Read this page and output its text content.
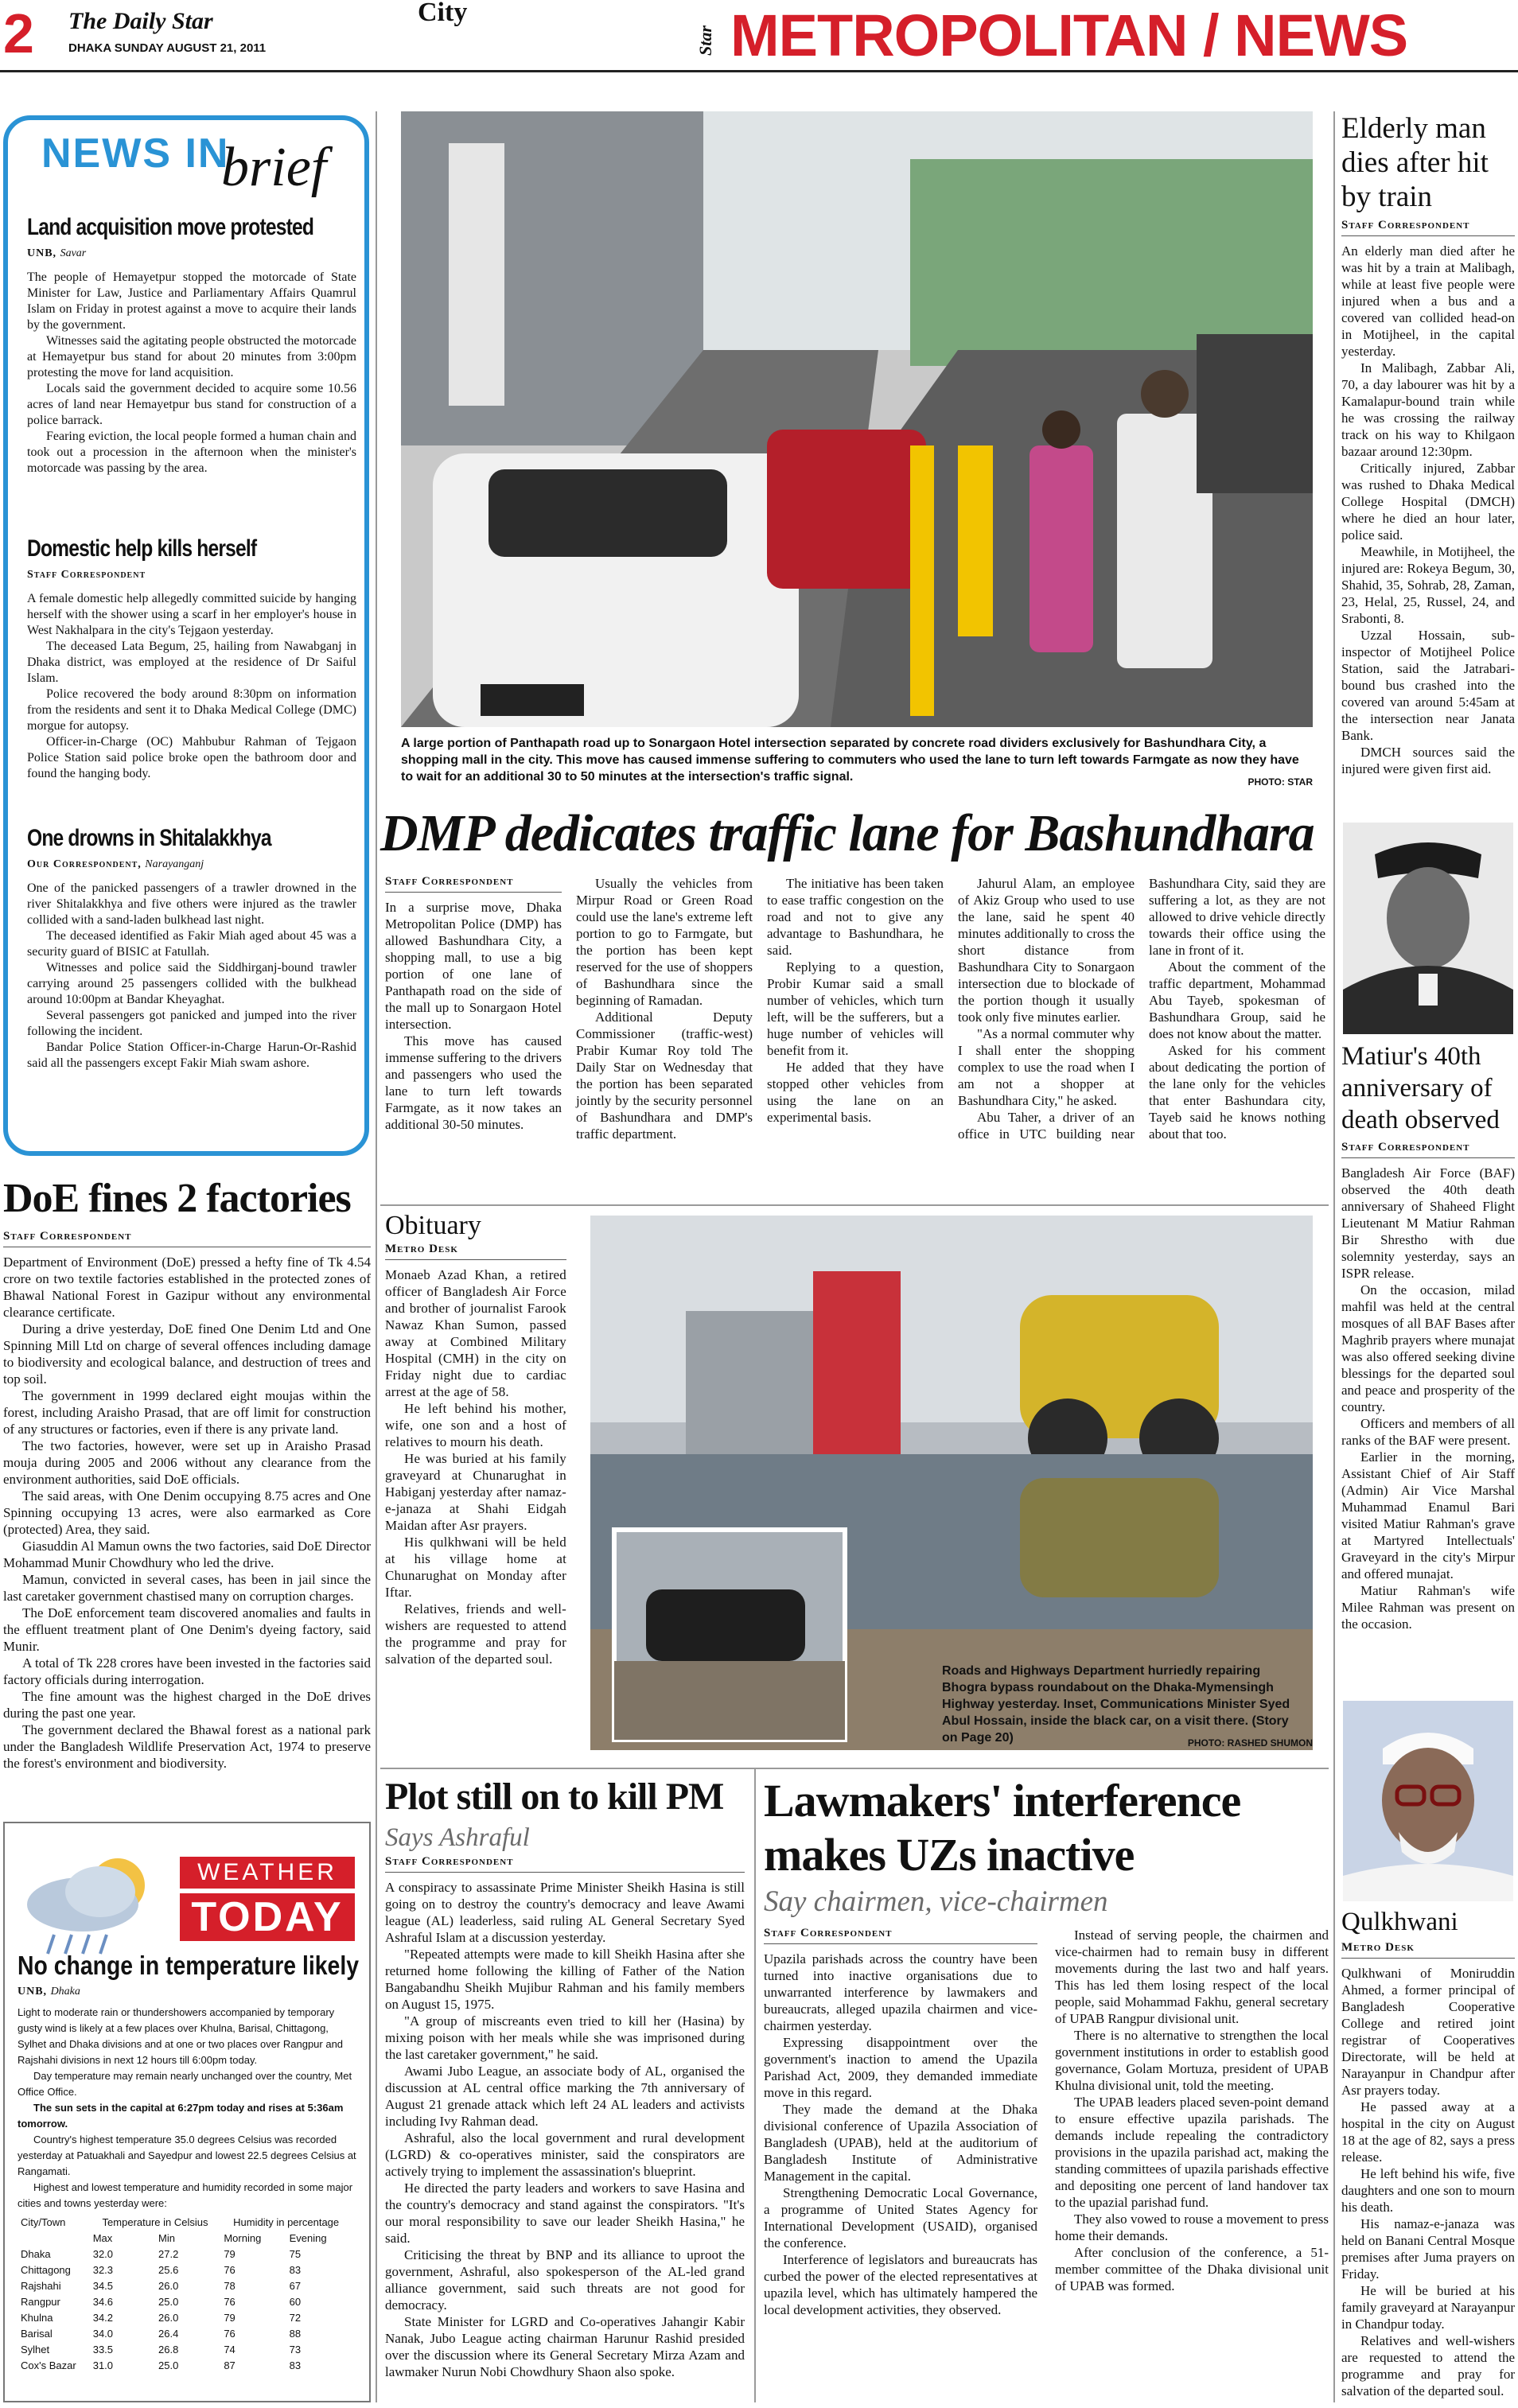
2 The Daily Star
DHAKA SUNDAY AUGUST 21, 2011
City
Star METROPOLITAN / NEWS
NEWS IN
brief
Land acquisition move protested
UNB, Savar

The people of Hemayetpur stopped the motorcade of State Minister for Law, Justice and Parliamentary Affairs Quamrul Islam on Friday in protest against a move to acquire their lands by the government.

Witnesses said the agitating people obstructed the motorcade at Hemayetpur bus stand for about 20 minutes from 3:00pm protesting the move for land acquisition.

Locals said the government decided to acquire some 10.56 acres of land near Hemayetpur bus stand for construction of a police barrack.

Fearing eviction, the local people formed a human chain and took out a procession in the afternoon when the minister's motorcade was passing by the area.

Domestic help kills herself
Staff Correspondent

A female domestic help allegedly committed suicide by hanging herself with the shower using a scarf in her employer's house in West Nakhalpara in the city's Tejgaon yesterday.

The deceased Lata Begum, 25, hailing from Nawabganj in Dhaka district, was employed at the residence of Dr Saiful Islam.

Police recovered the body around 8:30pm on information from the residents and sent it to Dhaka Medical College (DMC) morgue for autopsy.

Officer-in-Charge (OC) Mahbubur Rahman of Tejgaon Police Station said police broke open the bathroom door and found the hanging body.

One drowns in Shitalakkhya
Our Correspondent, Narayanganj

One of the panicked passengers of a trawler drowned in the river Shitalakkhya and five others were injured as the trawler collided with a sand-laden bulkhead last night.

The deceased identified as Fakir Miah aged about 45 was a security guard of BISIC at Fatullah.

Witnesses and police said the Siddhirganj-bound trawler carrying around 25 passengers collided with the bulkhead around 10:00pm at Bandar Kheyaghat.

Several passengers got panicked and jumped into the river following the incident.

Bandar Police Station Officer-in-Charge Harun-Or-Rashid said all the passengers except Fakir Miah swam ashore.

DoE fines 2 factories
Staff Correspondent

Department of Environment (DoE) pressed a hefty fine of Tk 4.54 crore on two textile factories established in the protected zones of Bhawal National Forest in Gazipur without any environmental clearance certificate.

During a drive yesterday, DoE fined One Denim Ltd and One Spinning Mill Ltd on charge of several offences including damage to biodiversity and ecological balance, and destruction of trees and top soil.

The government in 1999 declared eight moujas within the forest, including Araisho Prasad, that are off limit for construction of any structures or factories, even if there is any private land.

The two factories, however, were set up in Araisho Prasad mouja during 2005 and 2006 without any clearance from the environment authorities, said DoE officials.

The said areas, with One Denim occupying 8.75 acres and One Spinning occupying 13 acres, were also earmarked as Core (protected) Area, they said.

Giasuddin Al Mamun owns the two factories, said DoE Director Mohammad Munir Chowdhury who led the drive.

Mamun, convicted in several cases, has been in jail since the last caretaker government chastised many on corruption charges.

The DoE enforcement team discovered anomalies and faults in the effluent treatment plant of One Denim's dyeing factory, said Munir.

A total of Tk 228 crores have been invested in the factories said factory officials during interrogation.

The fine amount was the highest charged in the DoE drives during the past one year.

The government declared the Bhawal forest as a national park under the Bangladesh Wildlife Preservation Act, 1974 to preserve the forest's environment and biodiversity.

WEATHER
TODAY
No change in temperature likely
UNB, Dhaka

Light to moderate rain or thundershowers accompanied by temporary gusty wind is likely at a few places over Khulna, Barisal, Chittagong, Sylhet and Dhaka divisions and at one or two places over Rangpur and Rajshahi divisions in next 12 hours till 6:00pm today.

Day temperature may remain nearly unchanged over the country, Met Office Office.

The sun sets in the capital at 6:27pm today and rises at 5:36am tomorrow.

Country's highest temperature 35.0 degrees Celsius was recorded yesterday at Patuakhali and Sayedpur and lowest 22.5 degrees Celsius at Rangamati.

Highest and lowest temperature and humidity recorded in some major cities and towns yesterday were:

City/Town	Temperature in Celsius		Humidity in percentage	
	Max	Min	Morning	Evening
Dhaka	32.0	27.2	79	75
Chittagong	32.3	25.6	76	83
Rajshahi	34.5	26.0	78	67
Rangpur	34.6	25.0	76	60
Khulna	34.2	26.0	79	72
Barisal	34.0	26.4	76	88
Sylhet	33.5	26.8	74	73
Cox's Bazar	31.0	25.0	87	83
A large portion of Panthapath road up to Sonargaon Hotel intersection separated by concrete road dividers exclusively for Bashundhara City, a shopping mall in the city. This move has caused immense suffering to commuters who used the lane to turn left towards Farmgate as now they have to wait for an additional 30 to 50 minutes at the intersection's traffic signal.	PHOTO: STAR
DMP dedicates traffic lane for Bashundhara
Staff Correspondent

In a surprise move, Dhaka Metropolitan Police (DMP) has allowed Bashundhara City, a shopping mall, to use a big portion of one lane of Panthapath road on the side of the mall up to Sonargaon Hotel intersection.

This move has caused immense suffering to the drivers and passengers who used the lane to turn left towards Farmgate, as it now takes an additional 30-50 minutes.

Usually the vehicles from Mirpur Road or Green Road could use the lane's extreme left portion to go to Farmgate, but the portion has been kept reserved for the use of shoppers of Bashundhara since the beginning of Ramadan.

Additional Deputy Commissioner (traffic-west) Prabir Kumar Roy told The Daily Star on Wednesday that the portion has been separated jointly by the security personnel of Bashundhara and DMP's traffic department.

The initiative has been taken to ease traffic congestion on the road and not to give any advantage to Bashundhara, he said.

Replying to a question, Probir Kumar said a small number of vehicles, which turn left, will be the sufferers, but a huge number of vehicles will benefit from it.

He added that they have stopped other vehicles from using the lane on an experimental basis.

Jahurul Alam, an employee of Akiz Group who used to use the lane, said he spent 40 minutes additionally to cross the short distance from Bashundhara City to Sonargaon intersection due to blockade of the portion though it usually took only five minutes earlier.

"As a normal commuter why I shall enter the shopping complex to use the road when I am not a shopper at Bashundhara City," he asked.

Abu Taher, a driver of an office in UTC building near Bashundhara City, said they are suffering a lot, as they are not allowed to drive vehicle directly towards their office using the lane in front of it.

About the comment of the traffic department, Mohammad Abu Tayeb, spokesman of Bashundhara Group, said he does not know about the matter.

Asked for his comment about dedicating the portion of the lane only for the vehicles that enter Bashundara city, Tayeb said he knows nothing about that too.

Obituary
Metro Desk

Monaeb Azad Khan, a retired officer of Bangladesh Air Force and brother of journalist Farook Nawaz Khan Sumon, passed away at Combined Military Hospital (CMH) in the city on Friday night due to cardiac arrest at the age of 58.

He left behind his mother, wife, one son and a host of relatives to mourn his death.

He was buried at his family graveyard at Chunarughat in Habiganj yesterday after namaz-e-janaza at Shahi Eidgah Maidan after Asr prayers.

His qulkhwani will be held at his village home at Chunarughat on Monday after Iftar.

Relatives, friends and well-wishers are requested to attend the programme and pray for salvation of the departed soul.

Roads and Highways Department hurriedly repairing Bhogra bypass roundabout on the Dhaka-Mymensingh Highway yesterday. Inset, Communications Minister Syed Abul Hossain, inside the black car, on a visit there. (Story on Page 20)	PHOTO: RASHED SHUMON
Plot still on to kill PM
Says Ashraful
Staff Correspondent

A conspiracy to assassinate Prime Minister Sheikh Hasina is still going on to destroy the country's democracy and leave Awami league (AL) leaderless, said ruling AL General Secretary Syed Ashraful Islam at a discussion yesterday.

"Repeated attempts were made to kill Sheikh Hasina after she returned home following the killing of Father of the Nation Bangabandhu Sheikh Mujibur Rahman and his family members on August 15, 1975.

"A group of miscreants even tried to kill her (Hasina) by mixing poison with her meals while she was imprisoned during the last caretaker government," he said.

Awami Jubo League, an associate body of AL, organised the discussion at AL central office marking the 7th anniversary of August 21 grenade attack which left 24 AL leaders and activists including Ivy Rahman dead.

Ashraful, also the local government and rural development (LGRD) & co-operatives minister, said the conspirators are actively trying to implement the assassination's blueprint.

He directed the party leaders and workers to save Hasina and the country's democracy and stand against the conspirators. "It's our moral responsibility to save our leader Sheikh Hasina," he said.

Criticising the threat by BNP and its alliance to uproot the government, Ashraful, also spokesperson of the AL-led grand alliance government, said such threats are not good for democracy.

State Minister for LGRD and Co-operatives Jahangir Kabir Nanak, Jubo League acting chairman Harunur Rashid presided over the discussion where its General Secretary Mirza Azam and lawmaker Nurun Nobi Chowdhury Shaon also spoke.

Lawmakers' interference makes UZs inactive
Say chairmen, vice-chairmen
Staff Correspondent

Upazila parishads across the country have been turned into inactive organisations due to unwarranted interference by lawmakers and bureaucrats, alleged upazila chairmen and vice-chairmen yesterday.

Expressing disappointment over the government's inaction to amend the Upazila Parishad Act, 2009, they demanded immediate move in this regard.

They made the demand at the Dhaka divisional conference of Upazila Association of Bangladesh (UPAB), held at the auditorium of Bangladesh Institute of Administrative Management in the capital.

Strengthening Democratic Local Governance, a programme of United States Agency for International Development (USAID), organised the conference.

Interference of legislators and bureaucrats has curbed the power of the elected representatives at upazila level, which has ultimately hampered the local development activities, they observed.

Instead of serving people, the chairmen and vice-chairmen had to remain busy in different movements during the last two and half years. This has led them losing respect of the local people, said Mohammad Fakhu, general secretary of UPAB Rangpur divisional unit.

There is no alternative to strengthen the local government institutions in order to establish good governance, Golam Mortuza, president of UPAB Khulna divisional unit, told the meeting.

The UPAB leaders placed seven-point demand to ensure effective upazila parishads. The demands include repealing the contradictory provisions in the upazila parishad act, making the standing committees of upazila parishads effective and depositing one percent of land handover tax to the upazial parishad fund.

They also vowed to rouse a movement to press home their demands.

After conclusion of the conference, a 51-member committee of the Dhaka divisional unit of UPAB was formed.

Elderly man dies after hit by train
Staff Correspondent

An elderly man died after he was hit by a train at Malibagh, while at least five people were injured when a bus and a covered van collided head-on in Motijheel, in the capital yesterday.

In Malibagh, Zabbar Ali, 70, a day labourer was hit by a Kamalapur-bound train while he was crossing the railway track on his way to Khilgaon bazaar around 12:30pm.

Critically injured, Zabbar was rushed to Dhaka Medical College Hospital (DMCH) where he died an hour later, police said.

Meawhile, in Motijheel, the injured are: Rokeya Begum, 30, Shahid, 35, Sohrab, 28, Zaman, 23, Helal, 25, Russel, 24, and Srabonti, 8.

Uzzal Hossain, sub-inspector of Motijheel Police Station, said the Jatrabari-bound bus crashed into the covered van around 5:45am at the intersection near Janata Bank.

DMCH sources said the injured were given first aid.

Matiur's 40th anniversary of death observed
Staff Correspondent

Bangladesh Air Force (BAF) observed the 40th death anniversary of Shaheed Flight Lieutenant M Matiur Rahman Bir Shrestho with due solemnity yesterday, says an ISPR release.

On the occasion, milad mahfil was held at the central mosques of all BAF Bases after Maghrib prayers where munajat was also offered seeking divine blessings for the departed soul and peace and prosperity of the country.

Officers and members of all ranks of the BAF were present.

Earlier in the morning, Assistant Chief of Air Staff (Admin) Air Vice Marshal Muhammad Enamul Bari visited Matiur Rahman's grave at Martyred Intellectuals' Graveyard in the city's Mirpur and offered munajat.

Matiur Rahman's wife Milee Rahman was present on the occasion.

Qulkhwani
Metro Desk

Qulkhwani of Moniruddin Ahmed, a former principal of Bangladesh Cooperative College and retired joint registrar of Cooperatives Directorate, will be held at Narayanpur in Chandpur after Asr prayers today.

He passed away at a hospital in the city on August 18 at the age of 82, says a press release.

He left behind his wife, five daughters and one son to mourn his death.

His namaz-e-janaza was held on Banani Central Mosque premises after Juma prayers on Friday.

He will be buried at his family graveyard at Narayanpur in Chandpur today.

Relatives and well-wishers are requested to attend the programme and pray for salvation of the departed soul.
